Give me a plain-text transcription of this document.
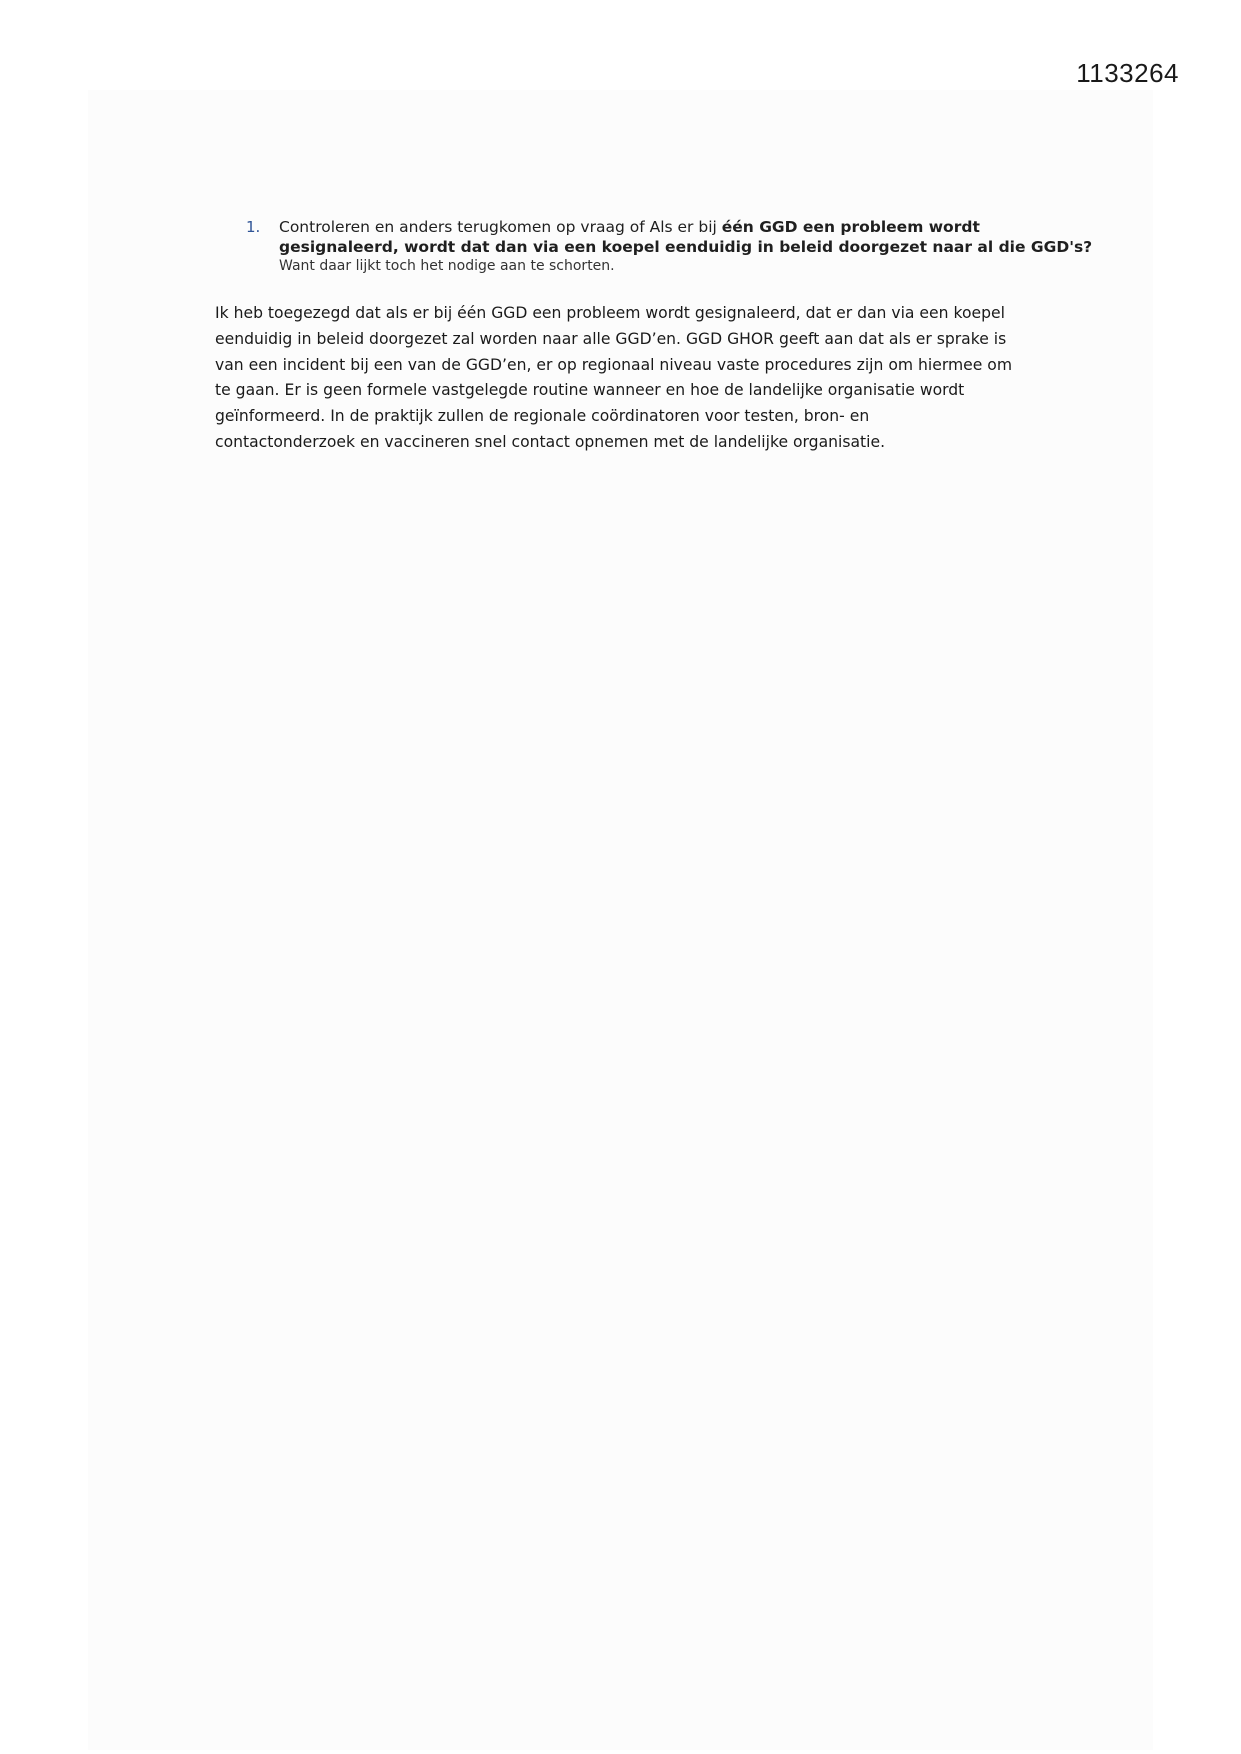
1133264
1.	Controleren en anders terugkomen op vraag of Als er bij één GGD een probleem wordt
gesignaleerd, wordt dat dan via een koepel eenduidig in beleid doorgezet naar al die GGD's?
Want daar lijkt toch het nodige aan te schorten.
Ik heb toegezegd dat als er bij één GGD een probleem wordt gesignaleerd, dat er dan via een koepel
eenduidig in beleid doorgezet zal worden naar alle GGD’en. GGD GHOR geeft aan dat als er sprake is
van een incident bij een van de GGD’en, er op regionaal niveau vaste procedures zijn om hiermee om
te gaan. Er is geen formele vastgelegde routine wanneer en hoe de landelijke organisatie wordt
geïnformeerd. In de praktijk zullen de regionale coördinatoren voor testen, bron- en
contactonderzoek en vaccineren snel contact opnemen met de landelijke organisatie.
